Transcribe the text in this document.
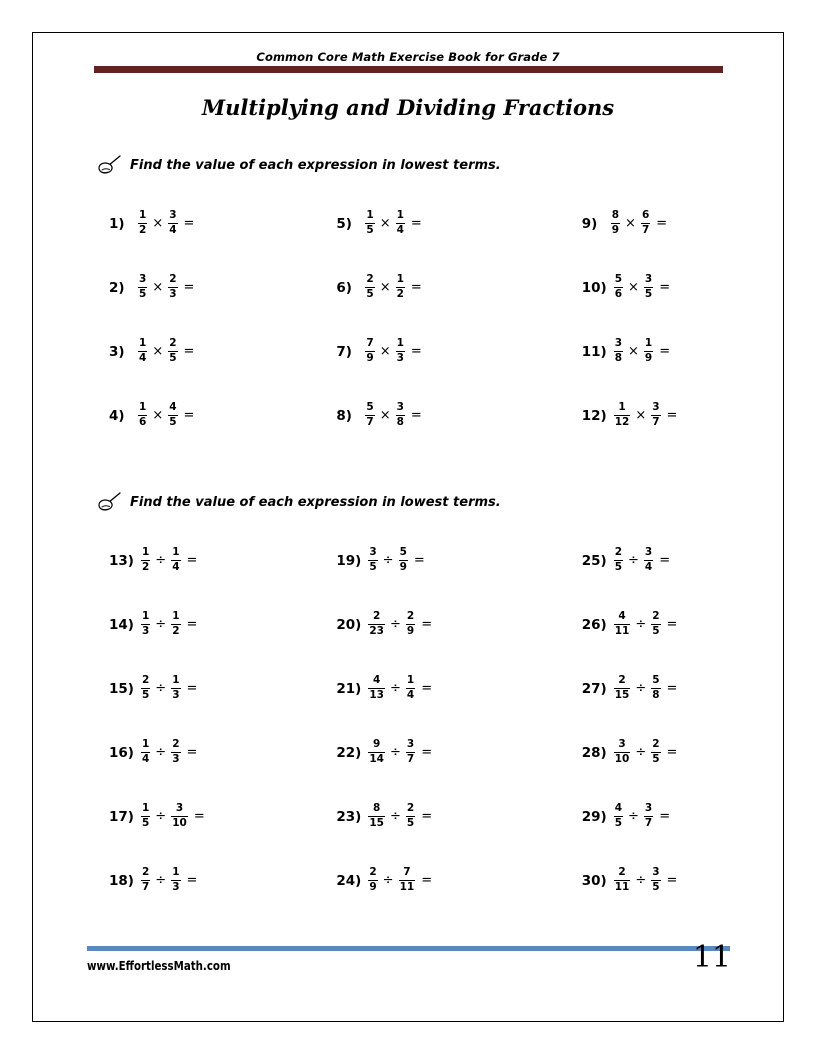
Common Core Math Exercise Book for Grade 7
Multiplying and Dividing Fractions
Find the value of each expression in lowest terms.
1)	$\frac{1}{2} \times \frac{3}{4}$ =	5)	$\frac{1}{5} \times \frac{1}{4}$ =	9)	$\frac{8}{9} \times \frac{6}{7}$ =
2)	$\frac{3}{5} \times \frac{2}{3}$ =	6)	$\frac{2}{5} \times \frac{1}{2}$ =	$10) \frac{5}{6} \times \frac{3}{5}$ =
3)	$\frac{1}{4} \times \frac{2}{5}$ =	7)	$\frac{7}{9} \times \frac{1}{3}$ =	$11) \frac{3}{8} \times \frac{1}{9}$ =
4)	$\frac{1}{6} \times \frac{4}{5}$ =	8)	$\frac{5}{7} \times \frac{3}{8}$ =	$12) \frac{1}{12} \times \frac{3}{7}$ =
Find the value of each expression in lowest terms.
$13) \frac{1}{2} \div \frac{1}{4}$ =	$19) \frac{3}{5} \div \frac{5}{9}$ =	$25) \frac{2}{5} \div \frac{3}{4}$ =
$14) \frac{1}{3} \div \frac{1}{2}$ =	$20) \frac{2}{23} \div \frac{2}{9}$ =	$26) \frac{4}{11} \div \frac{2}{5}$ =
$15) \frac{2}{5} \div \frac{1}{3}$ =	$21) \frac{4}{13} \div \frac{1}{4}$ =	$27) \frac{2}{15} \div \frac{5}{8}$ =
$16) \frac{1}{4} \div \frac{2}{3}$ =	$22) \frac{9}{14} \div \frac{3}{7}$ =	$28) \frac{3}{10} \div \frac{2}{5}$ =
$17) \frac{1}{5} \div \frac{3}{10}$ =	$23) \frac{8}{15} \div \frac{2}{5}$ =	$29) \frac{4}{5} \div \frac{3}{7}$ =
$18) \frac{2}{7} \div \frac{1}{3}$ =	$24) \frac{2}{9} \div \frac{7}{11}$ =	$30) \frac{2}{11} \div \frac{3}{5}$ =
www.EffortlessMath.com	11
